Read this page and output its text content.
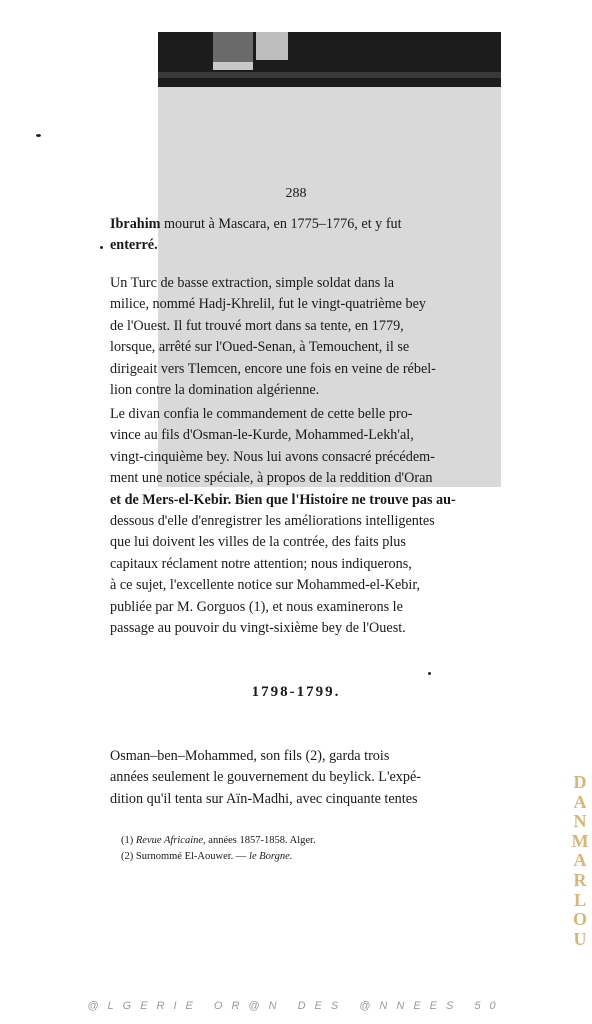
288
Ibrahim mourut à Mascara, en 1775–1776, et y fut
enterré.
Un Turc de basse extraction, simple soldat dans la
milice, nommé Hadj-Khrelil, fut le vingt-quatrième bey
de l'Ouest. Il fut trouvé mort dans sa tente, en 1779,
lorsque, arrêté sur l'Oued-Senan, à Temouchent, il se
dirigeait vers Tlemcen, encore une fois en veine de rébel-
lion contre la domination algérienne.
Le divan confia le commandement de cette belle pro-
vince au fils d'Osman-le-Kurde, Mohammed-Lekh'al,
vingt-cinquième bey. Nous lui avons consacré précédem-
ment une notice spéciale, à propos de la reddition d'Oran
et de Mers-el-Kebir. Bien que l'Histoire ne trouve pas au-
dessous d'elle d'enregistrer les améliorations intelligentes
que lui doivent les villes de la contrée, des faits plus
capitaux réclament notre attention; nous indiquerons,
à ce sujet, l'excellente notice sur Mohammed-el-Kebir,
publiée par M. Gorguos (1), et nous examinerons le
passage au pouvoir du vingt-sixième bey de l'Ouest.
1798-1799.
Osman–ben–Mohammed, son fils (2), garda trois
années seulement le gouvernement du beylick. L'expé-
dition qu'il tenta sur Aïn-Madhi, avec cinquante tentes
(1) Revue Africaine, années 1857-1858. Alger.
(2) Surnommé El-Aouwer. — le Borgne.
D
A
N
M
A
R
L
O
U
@LGERIE OR@N DES @NNEES 50
